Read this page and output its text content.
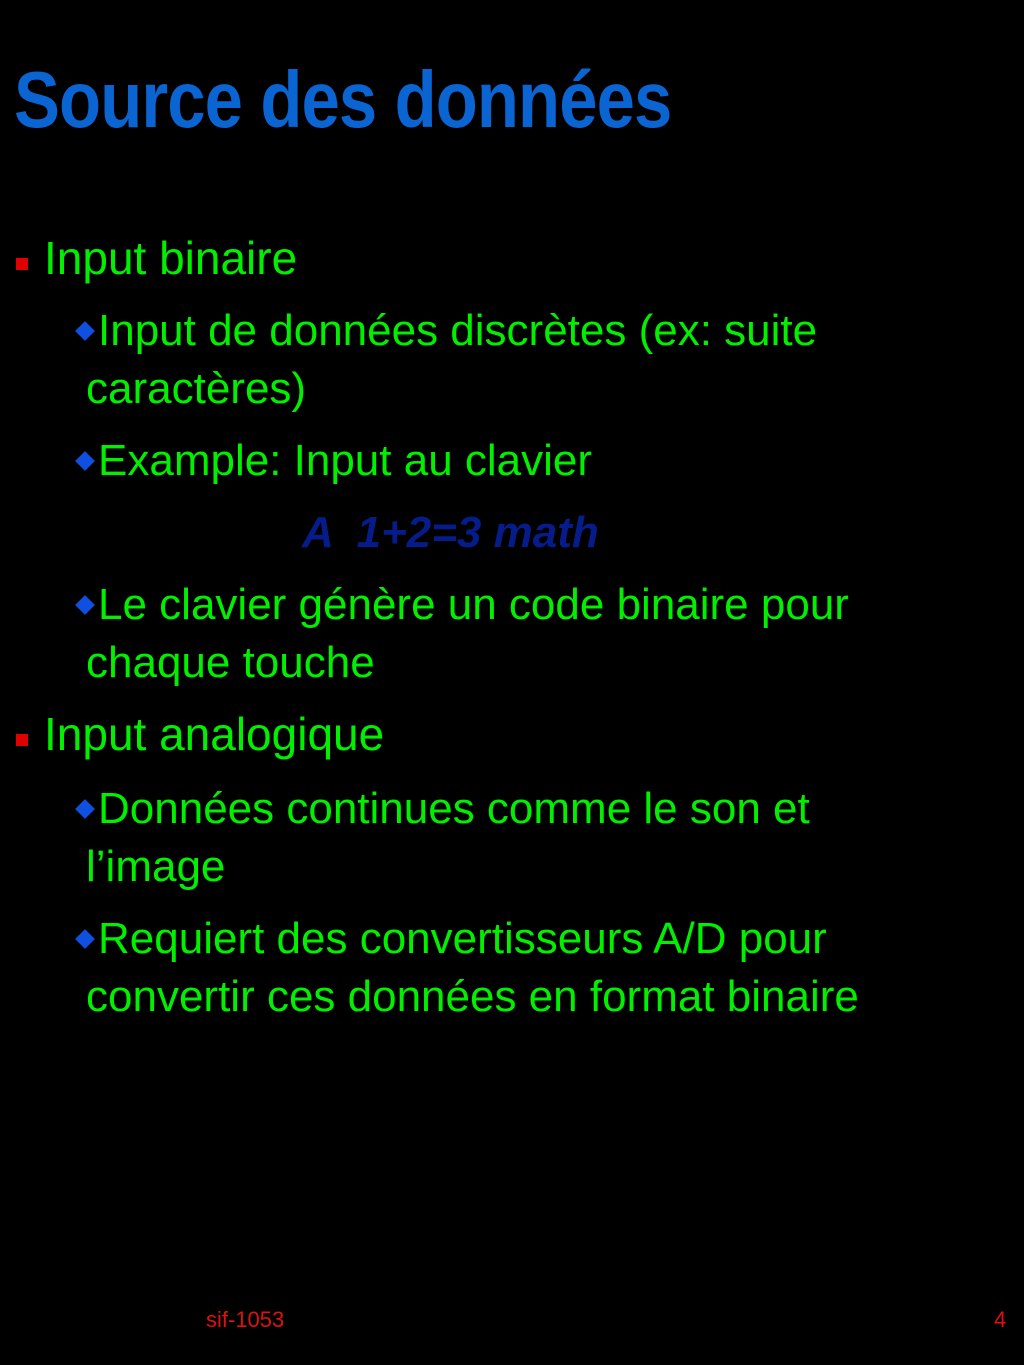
Source des données
Input binaire
Input de données discrètes (ex: suite
caractères)
Example: Input au clavier
A  1+2=3 math
Le clavier génère un code binaire pour
chaque touche
Input analogique
Données continues comme le son et
l’image
Requiert des convertisseurs A/D pour
convertir ces données en format binaire
sif-1053	4
